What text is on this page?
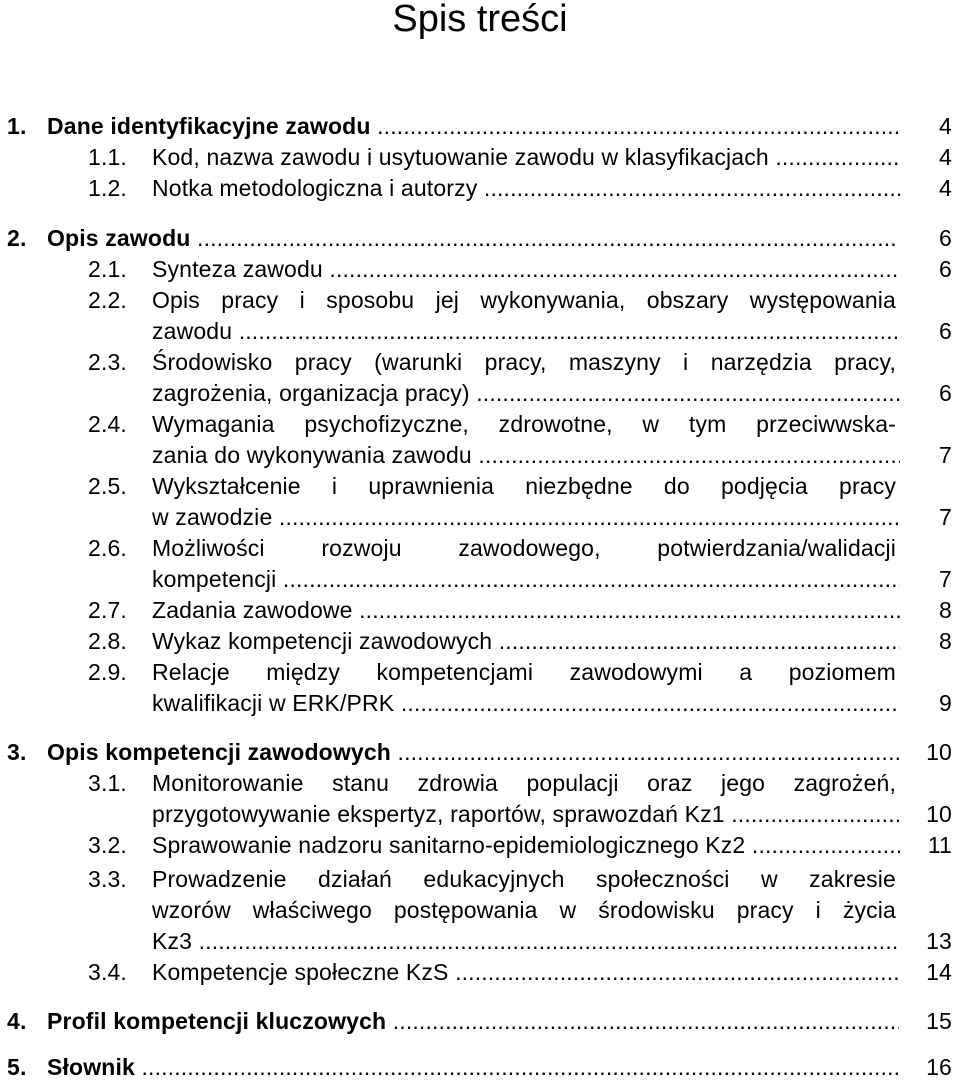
Spis treści
1. Dane identyfikacyjne zawodu .....	4
1.1. Kod, nazwa zawodu i usytuowanie zawodu w klasyfikacjach .....	4
1.2. Notka metodologiczna i autorzy .....	4
2. Opis zawodu .....	6
2.1. Synteza zawodu .....	6
2.2. Opis pracy i sposobu jej wykonywania, obszary występowania
zawodu .....	6
2.3. Środowisko pracy (warunki pracy, maszyny i narzędzia pracy,
zagrożenia, organizacja pracy) .....	6
2.4. Wymagania psychofizyczne, zdrowotne, w tym przeciwwska-
zania do wykonywania zawodu .....	7
2.5. Wykształcenie i uprawnienia niezbędne do podjęcia pracy
w zawodzie .....	7
2.6. Możliwości rozwoju zawodowego, potwierdzania/walidacji
kompetencji .....	7
2.7. Zadania zawodowe .....	8
2.8. Wykaz kompetencji zawodowych .....	8
2.9. Relacje między kompetencjami zawodowymi a poziomem
kwalifikacji w ERK/PRK .....	9
3. Opis kompetencji zawodowych .....	10
3.1. Monitorowanie stanu zdrowia populacji oraz jego zagrożeń,
przygotowywanie ekspertyz, raportów, sprawozdań Kz1 .....	10
3.2. Sprawowanie nadzoru sanitarno-epidemiologicznego Kz2 .....	11
3.3. Prowadzenie działań edukacyjnych społeczności w zakresie
wzorów właściwego postępowania w środowisku pracy i życia
Kz3 .....	13
3.4. Kompetencje społeczne KzS .....	14
4. Profil kompetencji kluczowych .....	15
5. Słownik .....	16
